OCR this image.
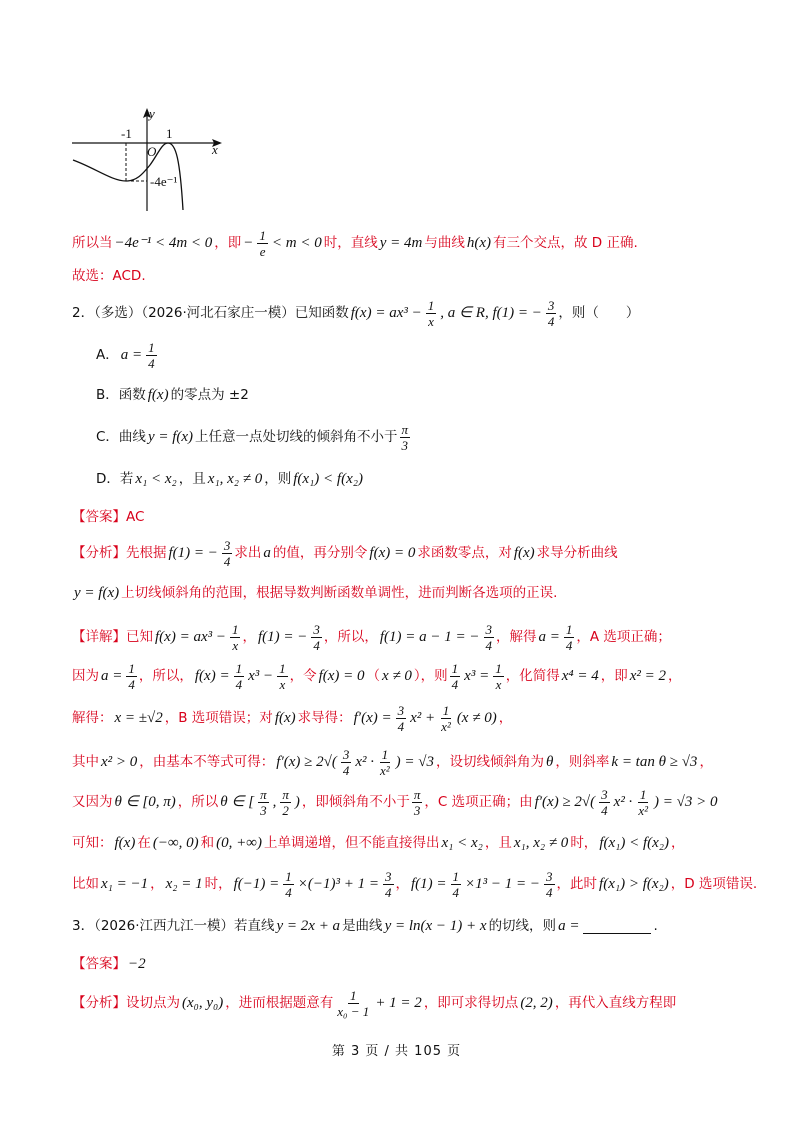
y
x
O
-1	1
-4e⁻¹
所以当 −4e⁻¹ < 4m < 0 ，即 − $\frac{1}{e} < m < 0$ 时，直线 y = 4m 与曲线 h(x) 有三个交点，故 D 正确.
故选：ACD.
2．（多选）（2026·河北石家庄一模）已知函数 $f(x) = ax^3 - \frac{1}{x}$ , a ∈ R, f(1) = − $\frac{3}{4}$ ，则（　　）
A． $a = \frac{1}{4}$
B．函数 f(x) 的零点为 ±2
C．曲线 y = f(x) 上任意一点处切线的倾斜角不小于 $\frac{\pi}{3}$
D．若 x₁ < x₂ ，且 x₁, x₂ ≠ 0 ，则 f(x₁) < f(x₂)
【答案】 AC
【分析】 先根据 f(1) = − $\frac{3}{4}$ 求出 a 的值，再分别令 f(x) = 0 求函数零点，对 f(x) 求导分析曲线
y = f(x) 上切线倾斜角的范围，根据导数判断函数单调性，进而判断各选项的正误.
【详解】 已知 $f(x) = ax^3 - \frac{1}{x}$ ， f(1) = − $\frac{3}{4}$ ，所以， f(1) = a − 1 = − $\frac{3}{4}$ ，解得 $a = \frac{1}{4}$ ，A 选项正确；
因为 $a = \frac{1}{4}$ ，所以， $f(x) = \frac{1}{4} x^3 - \frac{1}{x}$ ，令 f(x) = 0 （ x ≠ 0 ），则 $\frac{1}{4} x^3 = \frac{1}{x}$ ，化简得 x⁴ = 4 ，即 x² = 2 ，
解得： x = ±√2 ，B 选项错误；对 f(x) 求导得： $f'(x) = \frac{3}{4} x^2 + \frac{1}{\text{x²}} (x \ne 0)$ ，
其中 x² > 0 ，由基本不等式可得： $f'(x) \ge 2√( \frac{3}{4} x^2 \cdot \frac{1}{\text{x²}}$ ) = √3 ，设切线倾斜角为 θ ，则斜率 k = tan θ ≥ √3 ，
又因为 θ ∈ [0, π) ，所以 θ ∈ [ $\frac{\pi}{3}$ , $\frac{\pi}{2}$ ) ，即倾斜角不小于 $\frac{\pi}{3}$ ，C 选项正确；由 $f'(x) \ge 2√( \frac{3}{4} x^2 \cdot \frac{1}{\text{x²}}$ ) = √3 > 0
可知： f(x) 在 (−∞, 0) 和 (0, +∞) 上单调递增，但不能直接得出 x₁ < x₂ ，且 x₁, x₂ ≠ 0 时， f(x₁) < f(x₂) ，
比如 x₁ = −1 ， x₂ = 1 时， $f(-1) = \frac{1}{4} \times(-1)^3 + 1 = \frac{3}{4}$ ， $f(1) = \frac{1}{4} \times 1^3 - 1$ = − $\frac{3}{4}$ ，此时 f(x₁) > f(x₂) ，D 选项错误.
3．（2026·江西九江一模）若直线 y = 2x + a 是曲线 y = ln(x − 1) + x 的切线，则 a =	.
【答案】 −2
【分析】 设切点为 (x₀, y₀) ，进而根据题意有 $\frac{1}{\text{x₀ − 1}} + 1 = 2$ ，即可求得切点 (2, 2) ，再代入直线方程即
第 3 页 / 共 105 页
